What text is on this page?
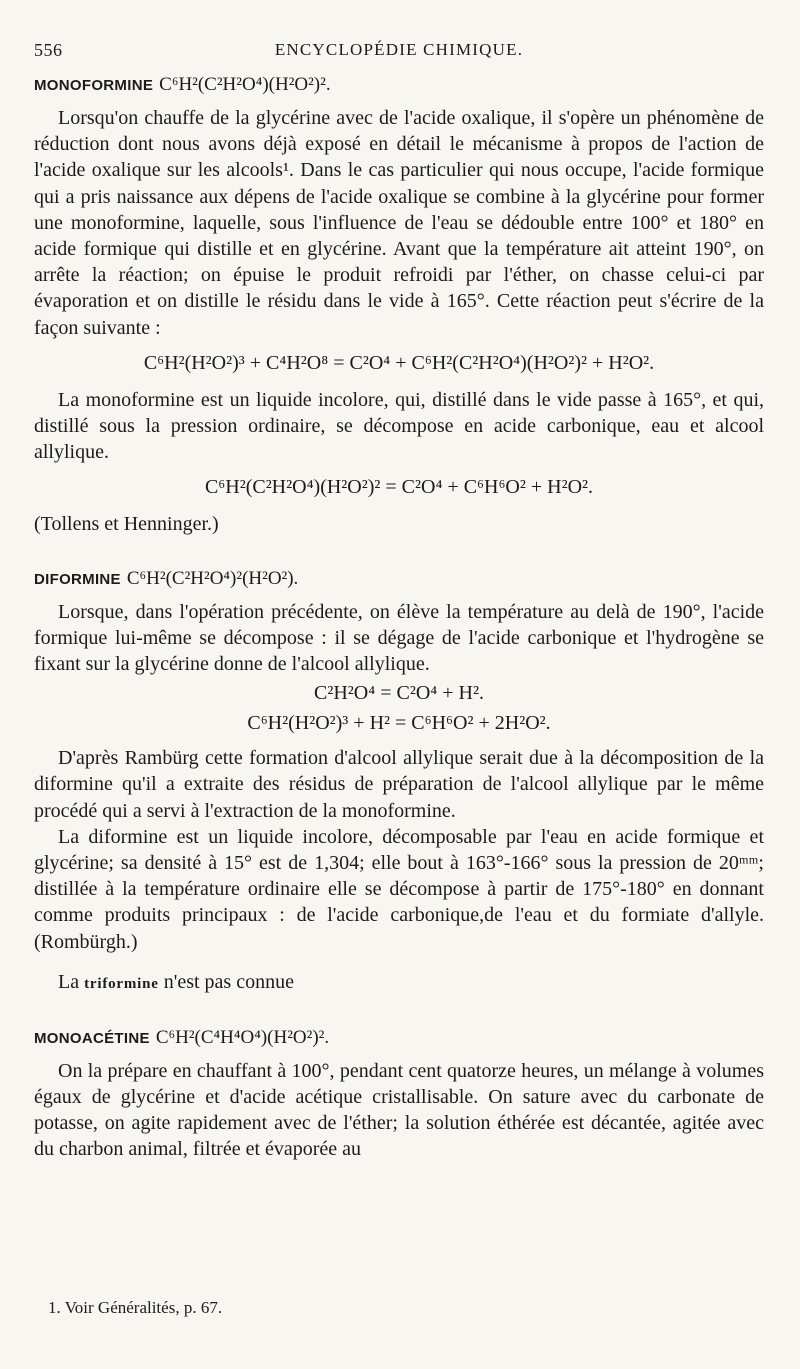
556	ENCYCLOPÉDIE CHIMIQUE.
MONOFORMINE C⁶H²(C²H²O⁴)(H²O²)².

Lorsqu'on chauffe de la glycérine avec de l'acide oxalique, il s'opère un phénomène de réduction dont nous avons déjà exposé en détail le mécanisme à propos de l'action de l'acide oxalique sur les alcools¹. Dans le cas particulier qui nous occupe, l'acide formique qui a pris naissance aux dépens de l'acide oxalique se combine à la glycérine pour former une monoformine, laquelle, sous l'influence de l'eau se dédouble entre 100° et 180° en acide formique qui distille et en glycérine. Avant que la température ait atteint 190°, on arrête la réaction; on épuise le produit refroidi par l'éther, on chasse celui-ci par évaporation et on distille le résidu dans le vide à 165°. Cette réaction peut s'écrire de la façon suivante :

C⁶H²(H²O²)³ + C⁴H²O⁸ = C²O⁴ + C⁶H²(C²H²O⁴)(H²O²)² + H²O².

La monoformine est un liquide incolore, qui, distillé dans le vide passe à 165°, et qui, distillé sous la pression ordinaire, se décompose en acide carbonique, eau et alcool allylique.

C⁶H²(C²H²O⁴)(H²O²)² = C²O⁴ + C⁶H⁶O² + H²O².

(Tollens et Henninger.)

DIFORMINE C⁶H²(C²H²O⁴)²(H²O²).

Lorsque, dans l'opération précédente, on élève la température au delà de 190°, l'acide formique lui-même se décompose : il se dégage de l'acide carbonique et l'hydrogène se fixant sur la glycérine donne de l'alcool allylique.

C²H²O⁴ = C²O⁴ + H².
C⁶H²(H²O²)³ + H² = C⁶H⁶O² + 2H²O².

D'après Rambürg cette formation d'alcool allylique serait due à la décomposition de la diformine qu'il a extraite des résidus de préparation de l'alcool allylique par le même procédé qui a servi à l'extraction de la monoformine.

La diformine est un liquide incolore, décomposable par l'eau en acide formique et glycérine; sa densité à 15° est de 1,304; elle bout à 163°-166° sous la pression de 20ᵐᵐ; distillée à la température ordinaire elle se décompose à partir de 175°-180° en donnant comme produits principaux : de l'acide carbonique,de l'eau et du formiate d'allyle. (Rombürgh.)

La triformine n'est pas connue

MONOACÉTINE C⁶H²(C⁴H⁴O⁴)(H²O²)².

On la prépare en chauffant à 100°, pendant cent quatorze heures, un mélange à volumes égaux de glycérine et d'acide acétique cristallisable. On sature avec du carbonate de potasse, on agite rapidement avec de l'éther; la solution éthérée est décantée, agitée avec du charbon animal, filtrée et évaporée au

1. Voir Généralités, p. 67.
